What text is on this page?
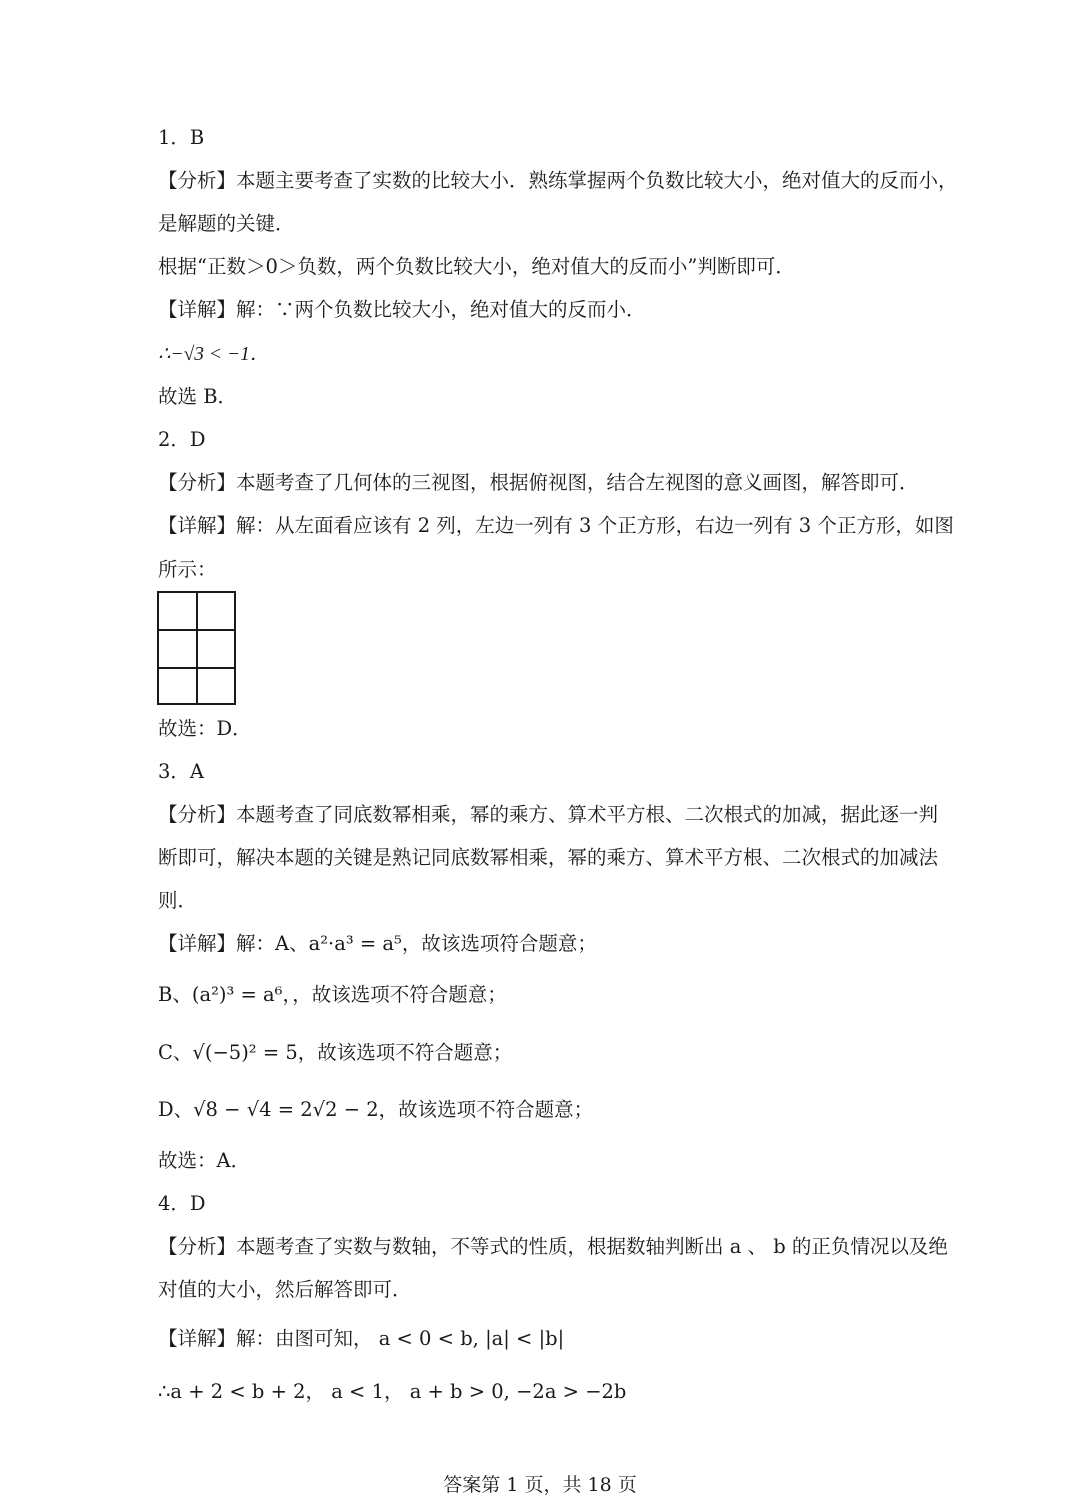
1．B
【分析】本题主要考查了实数的比较大小．熟练掌握两个负数比较大小，绝对值大的反而小，
是解题的关键．
根据“正数＞0＞负数，两个负数比较大小，绝对值大的反而小”判断即可．
【详解】解：∵两个负数比较大小，绝对值大的反而小．
∴−√3 < −1．
故选 B．
2．D
【分析】本题考查了几何体的三视图，根据俯视图，结合左视图的意义画图，解答即可．
【详解】解：从左面看应该有 2 列，左边一列有 3 个正方形，右边一列有 3 个正方形，如图
所示：
故选：D．
3．A
【分析】本题考查了同底数幂相乘，幂的乘方、算术平方根、二次根式的加减，据此逐一判
断即可，解决本题的关键是熟记同底数幂相乘，幂的乘方、算术平方根、二次根式的加减法
则．
【详解】解：A、a²·a³ = a⁵，故该选项符合题意；
B、(a²)³ = a⁶，，故该选项不符合题意；
C、√(−5)² = 5，故该选项不符合题意；
D、√8 − √4 = 2√2 − 2，故该选项不符合题意；
故选：A．
4．D
【分析】本题考查了实数与数轴，不等式的性质，根据数轴判断出 a 、 b 的正负情况以及绝
对值的大小，然后解答即可．
【详解】解：由图可知， a < 0 < b, |a| < |b|
∴a + 2 < b + 2， a < 1， a + b > 0, −2a > −2b
答案第 1 页，共 18 页
